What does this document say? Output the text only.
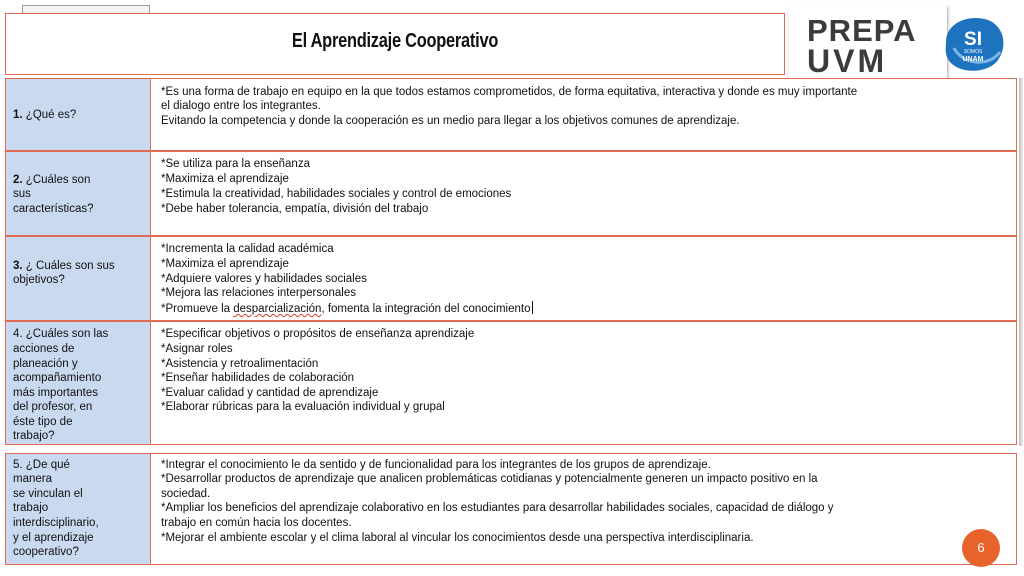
El Aprendizaje Cooperativo	PREPA
UVM
SI
SOMOS
UNAM
1. ¿Qué es?
*Es una forma de trabajo en equipo en la que todos estamos comprometidos, de forma equitativa, interactiva y donde es muy importante
el dialogo entre los integrantes.
Evitando la competencia y donde la cooperación es un medio para llegar a los objetivos comunes de aprendizaje.
2. ¿Cuáles son
sus
características?
*Se utiliza para la enseñanza
*Maximiza el aprendizaje
*Estimula la creatividad, habilidades sociales y control de emociones
*Debe haber tolerancia, empatía, división del trabajo
3. ¿ Cuáles son sus
objetivos?
*Incrementa la calidad académica
*Maximiza el aprendizaje
*Adquiere valores y habilidades sociales
*Mejora las relaciones interpersonales
*Promueve la desparcialización, fomenta la integración del conocimiento
4. ¿Cuáles son las
acciones de
planeación y
acompañamiento
más importantes
del profesor, en
éste tipo de
trabajo?
*Especificar objetivos o propósitos de enseñanza aprendizaje
*Asignar roles
*Asistencia y retroalimentación
*Enseñar habilidades de colaboración
*Evaluar calidad y cantidad de aprendizaje
*Elaborar rúbricas para la evaluación individual y grupal
5. ¿De qué
manera
se vinculan el
trabajo
interdisciplinario,
y el aprendizaje
cooperativo?
*Integrar el conocimiento le da sentido y de funcionalidad para los integrantes de los grupos de aprendizaje.
*Desarrollar productos de aprendizaje que analicen problemáticas cotidianas y potencialmente generen un impacto positivo en la
sociedad.
*Ampliar los beneficios del aprendizaje colaborativo en los estudiantes para desarrollar habilidades sociales, capacidad de diálogo y
trabajo en común hacia los docentes.
*Mejorar el ambiente escolar y el clima laboral al vincular los conocimientos desde una perspectiva interdisciplinaria.
6
